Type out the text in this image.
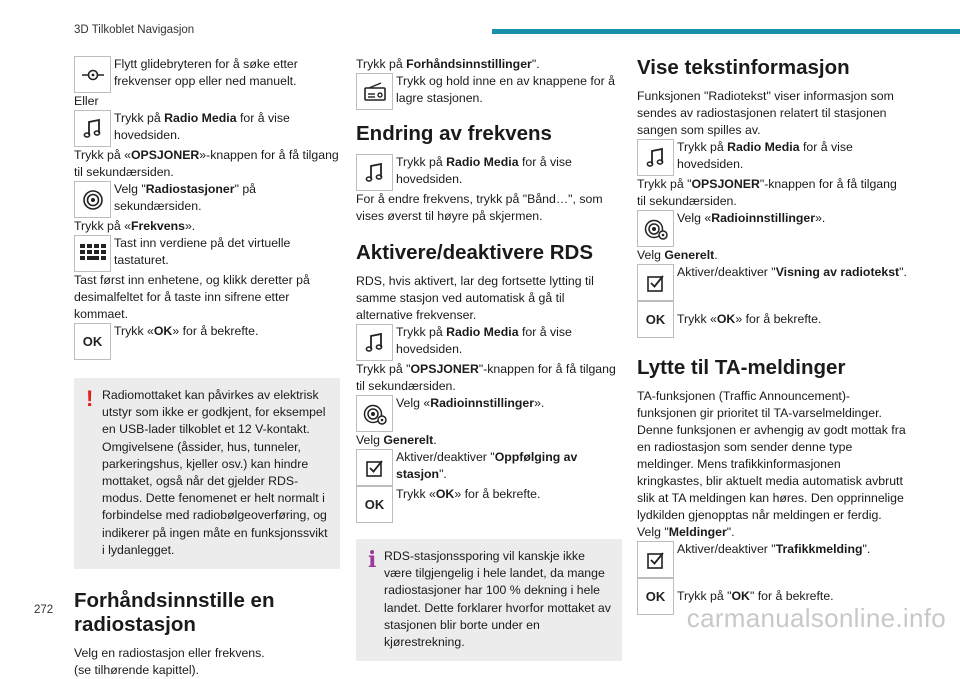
3D Tilkoblet Navigasjon
Flytt glidebryteren for å søke etter frekvenser opp eller ned manuelt.
Eller
Trykk på Radio Media for å vise hovedsiden.
Trykk på «OPSJONER»-knappen for å få tilgang til sekundærsiden.
Velg "Radiostasjoner" på sekundærsiden.
Trykk på «Frekvens».
Tast inn verdiene på det virtuelle tastaturet.
Tast først inn enhetene, og klikk deretter på desimalfeltet for å taste inn sifrene etter kommaet.
OK
Trykk «OK» for å bekrefte.
! Radiomottaket kan påvirkes av elektrisk utstyr som ikke er godkjent, for eksempel en USB-lader tilkoblet et 12 V-kontakt. Omgivelsene (åssider, hus, tunneler, parkeringshus, kjeller osv.) kan hindre mottaket, også når det gjelder RDS-modus. Dette fenomenet er helt normalt i forbindelse med radiobølgeoverføring, og indikerer på ingen måte en funksjonssvikt i lydanlegget.
Forhåndsinnstille en radiostasjon
Velg en radiostasjon eller frekvens.
(se tilhørende kapittel).
Trykk på Forhåndsinnstillinger".
Trykk og hold inne en av knappene for å lagre stasjonen.
Endring av frekvens
Trykk på Radio Media for å vise hovedsiden.
For å endre frekvens, trykk på "Bånd…", som vises øverst til høyre på skjermen.
Aktivere/deaktivere RDS
RDS, hvis aktivert, lar deg fortsette lytting til samme stasjon ved automatisk å gå til alternative frekvenser.
Trykk på Radio Media for å vise hovedsiden.
Trykk på "OPSJONER"-knappen for å få tilgang til sekundærsiden.
Velg «Radioinnstillinger».
Velg Generelt.
Aktiver/deaktiver "Oppfølging av stasjon".
OK
Trykk «OK» for å bekrefte.
i RDS-stasjonssporing vil kanskje ikke være tilgjengelig i hele landet, da mange radiostasjoner har 100 % dekning i hele landet. Dette forklarer hvorfor mottaket av stasjonen blir borte under en kjørestrekning.
Vise tekstinformasjon
Funksjonen "Radiotekst" viser informasjon som sendes av radiostasjonen relatert til stasjonen sangen som spilles av.
Trykk på Radio Media for å vise hovedsiden.
Trykk på "OPSJONER"-knappen for å få tilgang til sekundærsiden.
Velg «Radioinnstillinger».
Velg Generelt.
Aktiver/deaktiver "Visning av radiotekst".
OK Trykk «OK» for å bekrefte.
Lytte til TA-meldinger
TA-funksjonen (Traffic Announcement)-funksjonen gir prioritet til TA-varselmeldinger. Denne funksjonen er avhengig av godt mottak fra en radiostasjon som sender denne type meldinger. Mens trafikkinformasjonen kringkastes, blir aktuelt media automatisk avbrutt slik at TA meldingen kan høres. Den opprinnelige lydkilden gjenopptas når meldingen er ferdig.
Velg "Meldinger".
Aktiver/deaktiver "Trafikkmelding".
OK Trykk på "OK" for å bekrefte.
272	carmanualsonline.info
